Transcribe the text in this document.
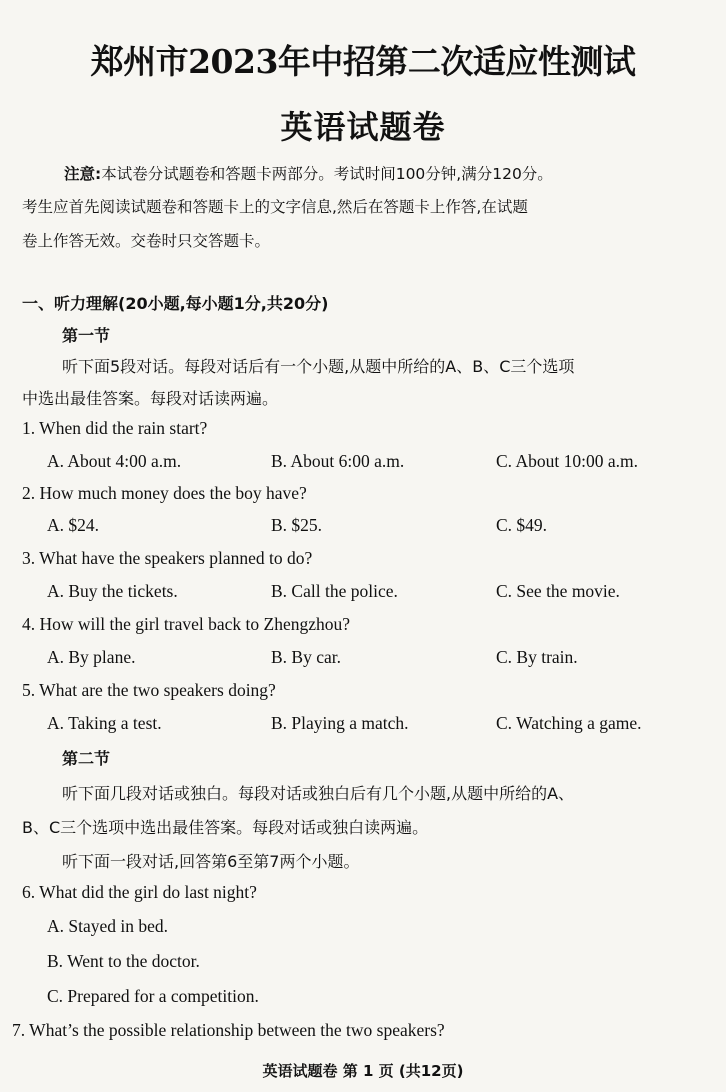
郑州市2023年中招第二次适应性测试
英语试题卷
注意:本试卷分试题卷和答题卡两部分。考试时间100分钟,满分120分。
考生应首先阅读试题卷和答题卡上的文字信息,然后在答题卡上作答,在试题
卷上作答无效。交卷时只交答题卡。
一、听力理解(20小题,每小题1分,共20分)
第一节
听下面5段对话。每段对话后有一个小题,从题中所给的A、B、C三个选项
中选出最佳答案。每段对话读两遍。
1. When did the rain start?
A. About 4:00 a.m.	B. About 6:00 a.m.	C. About 10:00 a.m.
2. How much money does the boy have?
A. $24.	B. $25.	C. $49.
3. What have the speakers planned to do?
A. Buy the tickets.	B. Call the police.	C. See the movie.
4. How will the girl travel back to Zhengzhou?
A. By plane.	B. By car.	C. By train.
5. What are the two speakers doing?
A. Taking a test.	B. Playing a match.	C. Watching a game.
第二节
听下面几段对话或独白。每段对话或独白后有几个小题,从题中所给的A、
B、C三个选项中选出最佳答案。每段对话或独白读两遍。
听下面一段对话,回答第6至第7两个小题。
6. What did the girl do last night?
A. Stayed in bed.
B. Went to the doctor.
C. Prepared for a competition.
7. What’s the possible relationship between the two speakers?
英语试题卷 第 1 页 (共12页)
